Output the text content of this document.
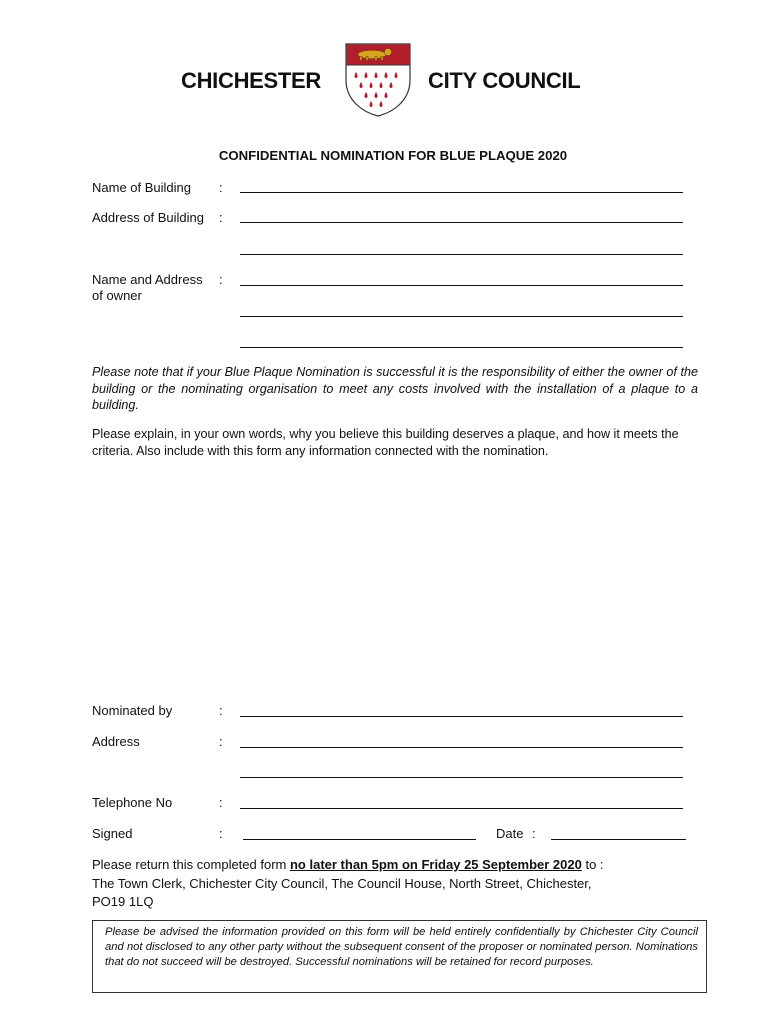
CHICHESTER	CITY COUNCIL
CONFIDENTIAL NOMINATION FOR BLUE PLAQUE 2020
Name of Building :
Address of Building :
Name and Address :
of owner
Please note that if your Blue Plaque Nomination is successful it is the responsibility of either the owner of the building or the nominating organisation to meet any costs involved with the installation of a plaque to a building.
Please explain, in your own words, why you believe this building deserves a plaque, and how it meets the criteria. Also include with this form any information connected with the nomination.
Nominated by	:
Address	:
Telephone No	:
Signed	:	Date :
Please return this completed form no later than 5pm on Friday 25 September 2020 to :
The Town Clerk, Chichester City Council, The Council House, North Street, Chichester,
PO19 1LQ
Please be advised the information provided on this form will be held entirely confidentially by Chichester City Council and not disclosed to any other party without the subsequent consent of the proposer or nominated person. Nominations that do not succeed will be destroyed. Successful nominations will be retained for record purposes.
